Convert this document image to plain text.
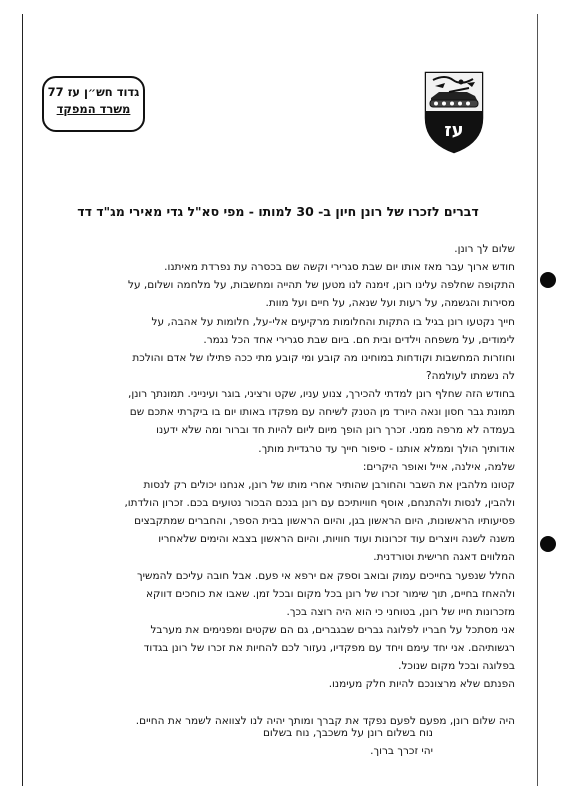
גדוד חש״ן עז 77
משרד המפקד
עז
דברים לזכרו של רונן חיון ב- 30 למותו - מפי סא"ל גדי מאירי מג"ד דד
שלום לך רונן.
חודש ארוך עבר מאז אותו יום שבת סגרירי וקשה שם בכסרה עת נפרדת מאיתנו.
התקופה שחלפה עלינו רונן, זימנה לנו מטען של תהייה ומחשבות, על מלחמה ושלום, על
מסירות והגשמה, על רעות ועל שנאה, על חיים ועל מוות.
חייך נקטעו רונן בגיל בו התקות והחלומות מרקיעים אלי-על, חלומות על אהבה, על
לימודים, על משפחה וילדים ובית חם. ביום שבת סגרירי אחד הכל נגמר.
וחוזרות המחשבות וקודחות במוחינו מה קובע ומי קובע מתי ככה פתילו של אדם והולכת
לה נשמתו לעולמה?
בחודש הזה שחלף רונן למדתי להכירך, צנוע עניו, שקט ורציני, בוגר ועינייני. תמונתך רונן,
תמונת גבר חסון ונאה היורד מן הטנק לשיחה עם מפקדו באותו יום בו ביקרתי אתכם שם
בעמדה לא מרפה ממני. זכרך רונן הופך מיום ליום להיות חד וברור ומה שלא ידענו
אודותיך הולך וממלא אותנו - סיפור חייך עד טרגדיית מותך.
שלמה, אילנה, אייל ואופר היקרים:
קטונו מלהבין את השבר והחורבן שהותיר אחרי מותו של רונן, אנחנו יכולים רק לנסות
ולהבין, לנסות ולהתנחם, אוסף חוויותיכם עם רונן בנכם הבכור נטועים בכם. זכרון הולדתו,
פסיעותיו הראשונות, היום הראשון בגן, והיום הראשון בבית הספר, והחברים שמתקבצים
משנה לשנה ויוצרים עוד זכרונות ועוד חוויות, והיום הראשון בצבא והימים שלאחריו
המלווים דאגה חרישית וטורדנית.
החלל שנפער בחייכים עמוק ובואב וספק אם ירפא אי פעם. אבל חובה עליכם להמשיך
ולהאחז בחיים, תוך שימור זכרו של רונן בכל מקום ובכל זמן. שאבו את כוחכים דווקא
מזכרונות חייו של רונן, בטוחני כי הוא היה רוצה בכך.
אני מסתכל על חבריו לפלוגה גברים שבגברים, גם הם שקטים ומפנימים את מערבל
רגשותיהם. אני יחד עימם ויחד עם מפקדיו, נעזור לכם להחיות את זכרו של רונן בגדוד
בפלוגה ובכל מקום שנוכל.
הפנתם שלא מרצונכם להיות חלק מעימנו.
היה שלום רונן, מפעם לפעם נפקד את קברך ומותך יהיה לנו לצוואה לשמר את החיים.
נוח בשלום רונן על משכבך, נוח בשלום
יהי זכרך ברוך.
